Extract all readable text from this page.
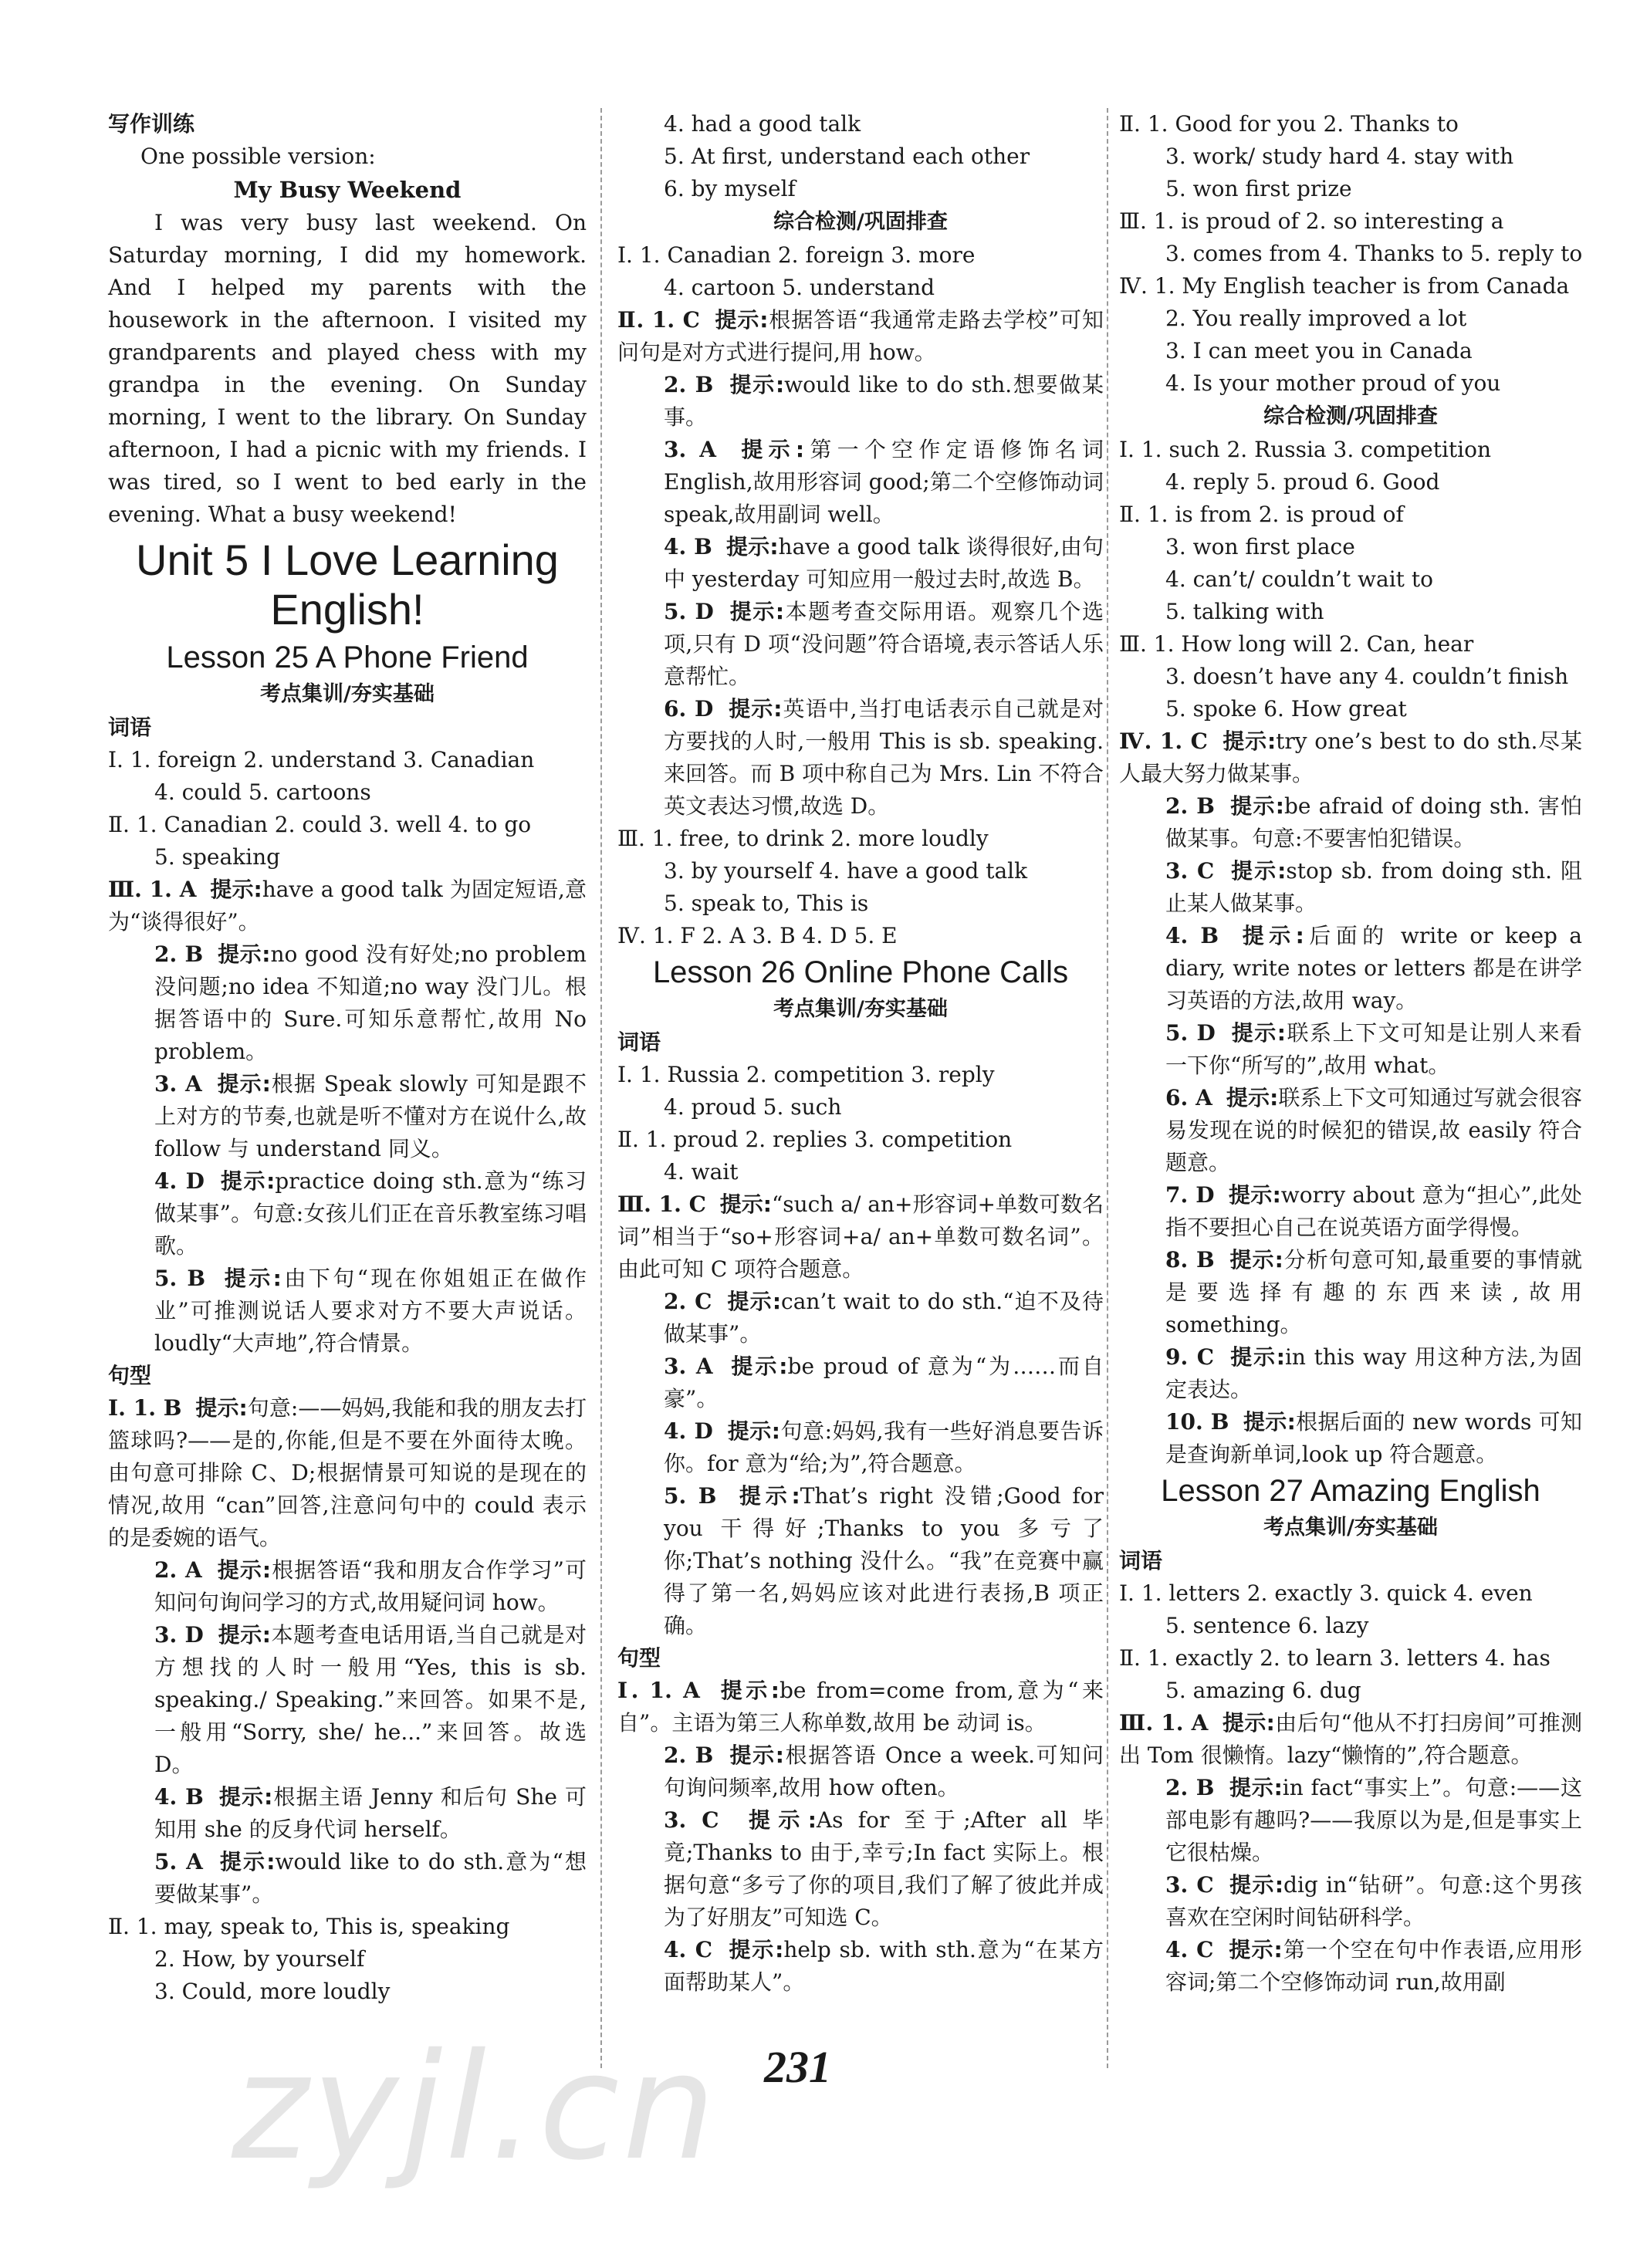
写作训练
One possible version:
My Busy Weekend
I was very busy last weekend. On Saturday morning, I did my homework. And I helped my parents with the housework in the afternoon. I visited my grandparents and played chess with my grandpa in the evening. On Sunday morning, I went to the library. On Sunday afternoon, I had a picnic with my friends. I was tired, so I went to bed early in the evening. What a busy weekend!
Unit 5 I Love Learning English!
Lesson 25 A Phone Friend
考点集训/夯实基础
词语
Ⅰ. 1. foreign 2. understand 3. Canadian
4. could 5. cartoons
Ⅱ. 1. Canadian 2. could 3. well 4. to go
5. speaking
Ⅲ. 1. A 提示:have a good talk 为固定短语,意为“谈得很好”。
2. B 提示:no good 没有好处;no problem 没问题;no idea 不知道;no way 没门儿。根据答语中的 Sure.可知乐意帮忙,故用 No problem。
3. A 提示:根据 Speak slowly 可知是跟不上对方的节奏,也就是听不懂对方在说什么,故 follow 与 understand 同义。
4. D 提示:practice doing sth.意为“练习做某事”。句意:女孩儿们正在音乐教室练习唱歌。
5. B 提示:由下句“现在你姐姐正在做作业”可推测说话人要求对方不要大声说话。loudly“大声地”,符合情景。
句型
Ⅰ. 1. B 提示:句意:——妈妈,我能和我的朋友去打篮球吗?——是的,你能,但是不要在外面待太晚。由句意可排除 C、D;根据情景可知说的是现在的情况,故用 “can”回答,注意问句中的 could 表示的是委婉的语气。
2. A 提示:根据答语“我和朋友合作学习”可知问句询问学习的方式,故用疑问词 how。
3. D 提示:本题考查电话用语,当自己就是对方想找的人时一般用“Yes, this is sb. speaking./ Speaking.”来回答。如果不是,一般用“Sorry, she/ he...”来回答。故选 D。
4. B 提示:根据主语 Jenny 和后句 She 可知用 she 的反身代词 herself。
5. A 提示:would like to do sth.意为“想要做某事”。
Ⅱ. 1. may, speak to, This is, speaking
2. How, by yourself
3. Could, more loudly
4. had a good talk
5. At first, understand each other
6. by myself
综合检测/巩固排查
Ⅰ. 1. Canadian 2. foreign 3. more
4. cartoon 5. understand
Ⅱ. 1. C 提示:根据答语“我通常走路去学校”可知问句是对方式进行提问,用 how。
2. B 提示:would like to do sth.想要做某事。
3. A 提示:第一个空作定语修饰名词 English,故用形容词 good;第二个空修饰动词 speak,故用副词 well。
4. B 提示:have a good talk 谈得很好,由句中 yesterday 可知应用一般过去时,故选 B。
5. D 提示:本题考查交际用语。观察几个选项,只有 D 项“没问题”符合语境,表示答话人乐意帮忙。
6. D 提示:英语中,当打电话表示自己就是对方要找的人时,一般用 This is sb. speaking.来回答。而 B 项中称自己为 Mrs. Lin 不符合英文表达习惯,故选 D。
Ⅲ. 1. free, to drink 2. more loudly
3. by yourself 4. have a good talk
5. speak to, This is
Ⅳ. 1. F 2. A 3. B 4. D 5. E
Lesson 26 Online Phone Calls
考点集训/夯实基础
词语
Ⅰ. 1. Russia 2. competition 3. reply
4. proud 5. such
Ⅱ. 1. proud 2. replies 3. competition
4. wait
Ⅲ. 1. C 提示:“such a/ an+形容词+单数可数名词”相当于“so+形容词+a/ an+单数可数名词”。由此可知 C 项符合题意。
2. C 提示:can’t wait to do sth.“迫不及待做某事”。
3. A 提示:be proud of 意为“为……而自豪”。
4. D 提示:句意:妈妈,我有一些好消息要告诉你。for 意为“给;为”,符合题意。
5. B 提示:That’s right 没错;Good for you 干得好;Thanks to you 多亏了你;That’s nothing 没什么。“我”在竞赛中赢得了第一名,妈妈应该对此进行表扬,B 项正确。
句型
Ⅰ. 1. A 提示:be from=come from,意为“来自”。主语为第三人称单数,故用 be 动词 is。
2. B 提示:根据答语 Once a week.可知问句询问频率,故用 how often。
3. C 提示:As for 至于;After all 毕竟;Thanks to 由于,幸亏;In fact 实际上。根据句意“多亏了你的项目,我们了解了彼此并成为了好朋友”可知选 C。
4. C 提示:help sb. with sth.意为“在某方面帮助某人”。
Ⅱ. 1. Good for you 2. Thanks to
3. work/ study hard 4. stay with
5. won first prize
Ⅲ. 1. is proud of 2. so interesting a
3. comes from 4. Thanks to 5. reply to
Ⅳ. 1. My English teacher is from Canada
2. You really improved a lot
3. I can meet you in Canada
4. Is your mother proud of you
综合检测/巩固排查
Ⅰ. 1. such 2. Russia 3. competition
4. reply 5. proud 6. Good
Ⅱ. 1. is from 2. is proud of
3. won first place
4. can’t/ couldn’t wait to
5. talking with
Ⅲ. 1. How long will 2. Can, hear
3. doesn’t have any 4. couldn’t finish
5. spoke 6. How great
Ⅳ. 1. C 提示:try one’s best to do sth.尽某人最大努力做某事。
2. B 提示:be afraid of doing sth. 害怕做某事。句意:不要害怕犯错误。
3. C 提示:stop sb. from doing sth. 阻止某人做某事。
4. B 提示:后面的 write or keep a diary, write notes or letters 都是在讲学习英语的方法,故用 way。
5. D 提示:联系上下文可知是让别人来看一下你“所写的”,故用 what。
6. A 提示:联系上下文可知通过写就会很容易发现在说的时候犯的错误,故 easily 符合题意。
7. D 提示:worry about 意为“担心”,此处指不要担心自己在说英语方面学得慢。
8. B 提示:分析句意可知,最重要的事情就是要选择有趣的东西来读,故用 something。
9. C 提示:in this way 用这种方法,为固定表达。
10. B 提示:根据后面的 new words 可知是查询新单词,look up 符合题意。
Lesson 27 Amazing English
考点集训/夯实基础
词语
Ⅰ. 1. letters 2. exactly 3. quick 4. even
5. sentence 6. lazy
Ⅱ. 1. exactly 2. to learn 3. letters 4. has
5. amazing 6. dug
Ⅲ. 1. A 提示:由后句“他从不打扫房间”可推测出 Tom 很懒惰。lazy“懒惰的”,符合题意。
2. B 提示:in fact“事实上”。句意:——这部电影有趣吗?——我原以为是,但是事实上它很枯燥。
3. C 提示:dig in“钻研”。句意:这个男孩喜欢在空闲时间钻研科学。
4. C 提示:第一个空在句中作表语,应用形容词;第二个空修饰动词 run,故用副
zyjl.cn 231
